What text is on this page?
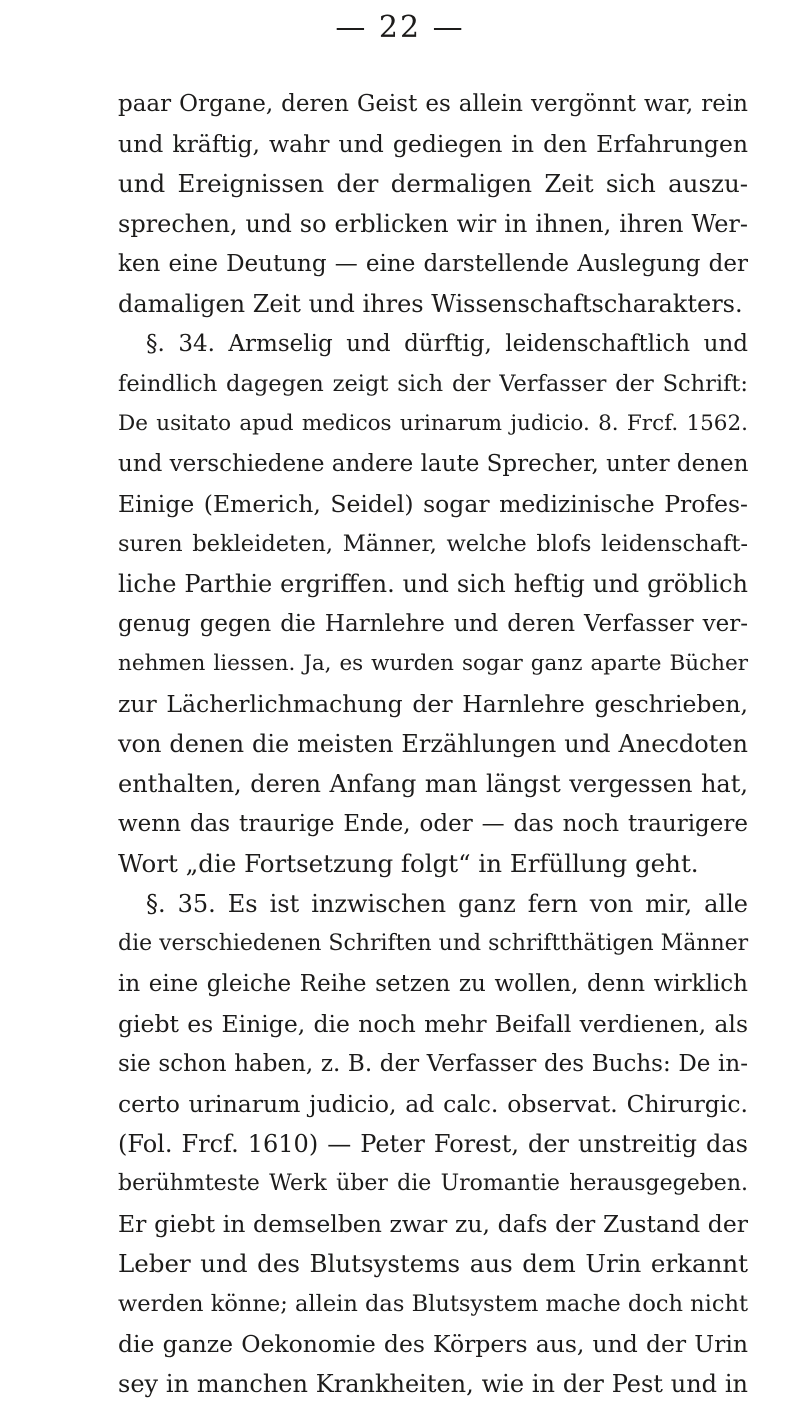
— 22 —
paar Organe, deren Geist es allein vergönnt war, rein
und kräftig, wahr und gediegen in den Erfahrungen
und Ereignissen der dermaligen Zeit sich auszu-
sprechen, und so erblicken wir in ihnen, ihren Wer-
ken eine Deutung — eine darstellende Auslegung der
damaligen Zeit und ihres Wissenschaftscharakters.
§. 34. Armselig und dürftig, leidenschaftlich und
feindlich dagegen zeigt sich der Verfasser der Schrift:
De usitato apud medicos urinarum judicio. 8. Frcf. 1562.
und verschiedene andere laute Sprecher, unter denen
Einige (Emerich, Seidel) sogar medizinische Profes-
suren bekleideten, Männer, welche blofs leidenschaft-
liche Parthie ergriffen. und sich heftig und gröblich
genug gegen die Harnlehre und deren Verfasser ver-
nehmen liessen. Ja, es wurden sogar ganz aparte Bücher
zur Lächerlichmachung der Harnlehre geschrieben,
von denen die meisten Erzählungen und Anecdoten
enthalten, deren Anfang man längst vergessen hat,
wenn das traurige Ende, oder — das noch traurigere
Wort „die Fortsetzung folgt“ in Erfüllung geht.
§. 35. Es ist inzwischen ganz fern von mir, alle
die verschiedenen Schriften und schriftthätigen Männer
in eine gleiche Reihe setzen zu wollen, denn wirklich
giebt es Einige, die noch mehr Beifall verdienen, als
sie schon haben, z. B. der Verfasser des Buchs: De in-
certo urinarum judicio, ad calc. observat. Chirurgic.
(Fol. Frcf. 1610) — Peter Forest, der unstreitig das
berühmteste Werk über die Uromantie herausgegeben.
Er giebt in demselben zwar zu, dafs der Zustand der
Leber und des Blutsystems aus dem Urin erkannt
werden könne; allein das Blutsystem mache doch nicht
die ganze Oekonomie des Körpers aus, und der Urin
sey in manchen Krankheiten, wie in der Pest und in
